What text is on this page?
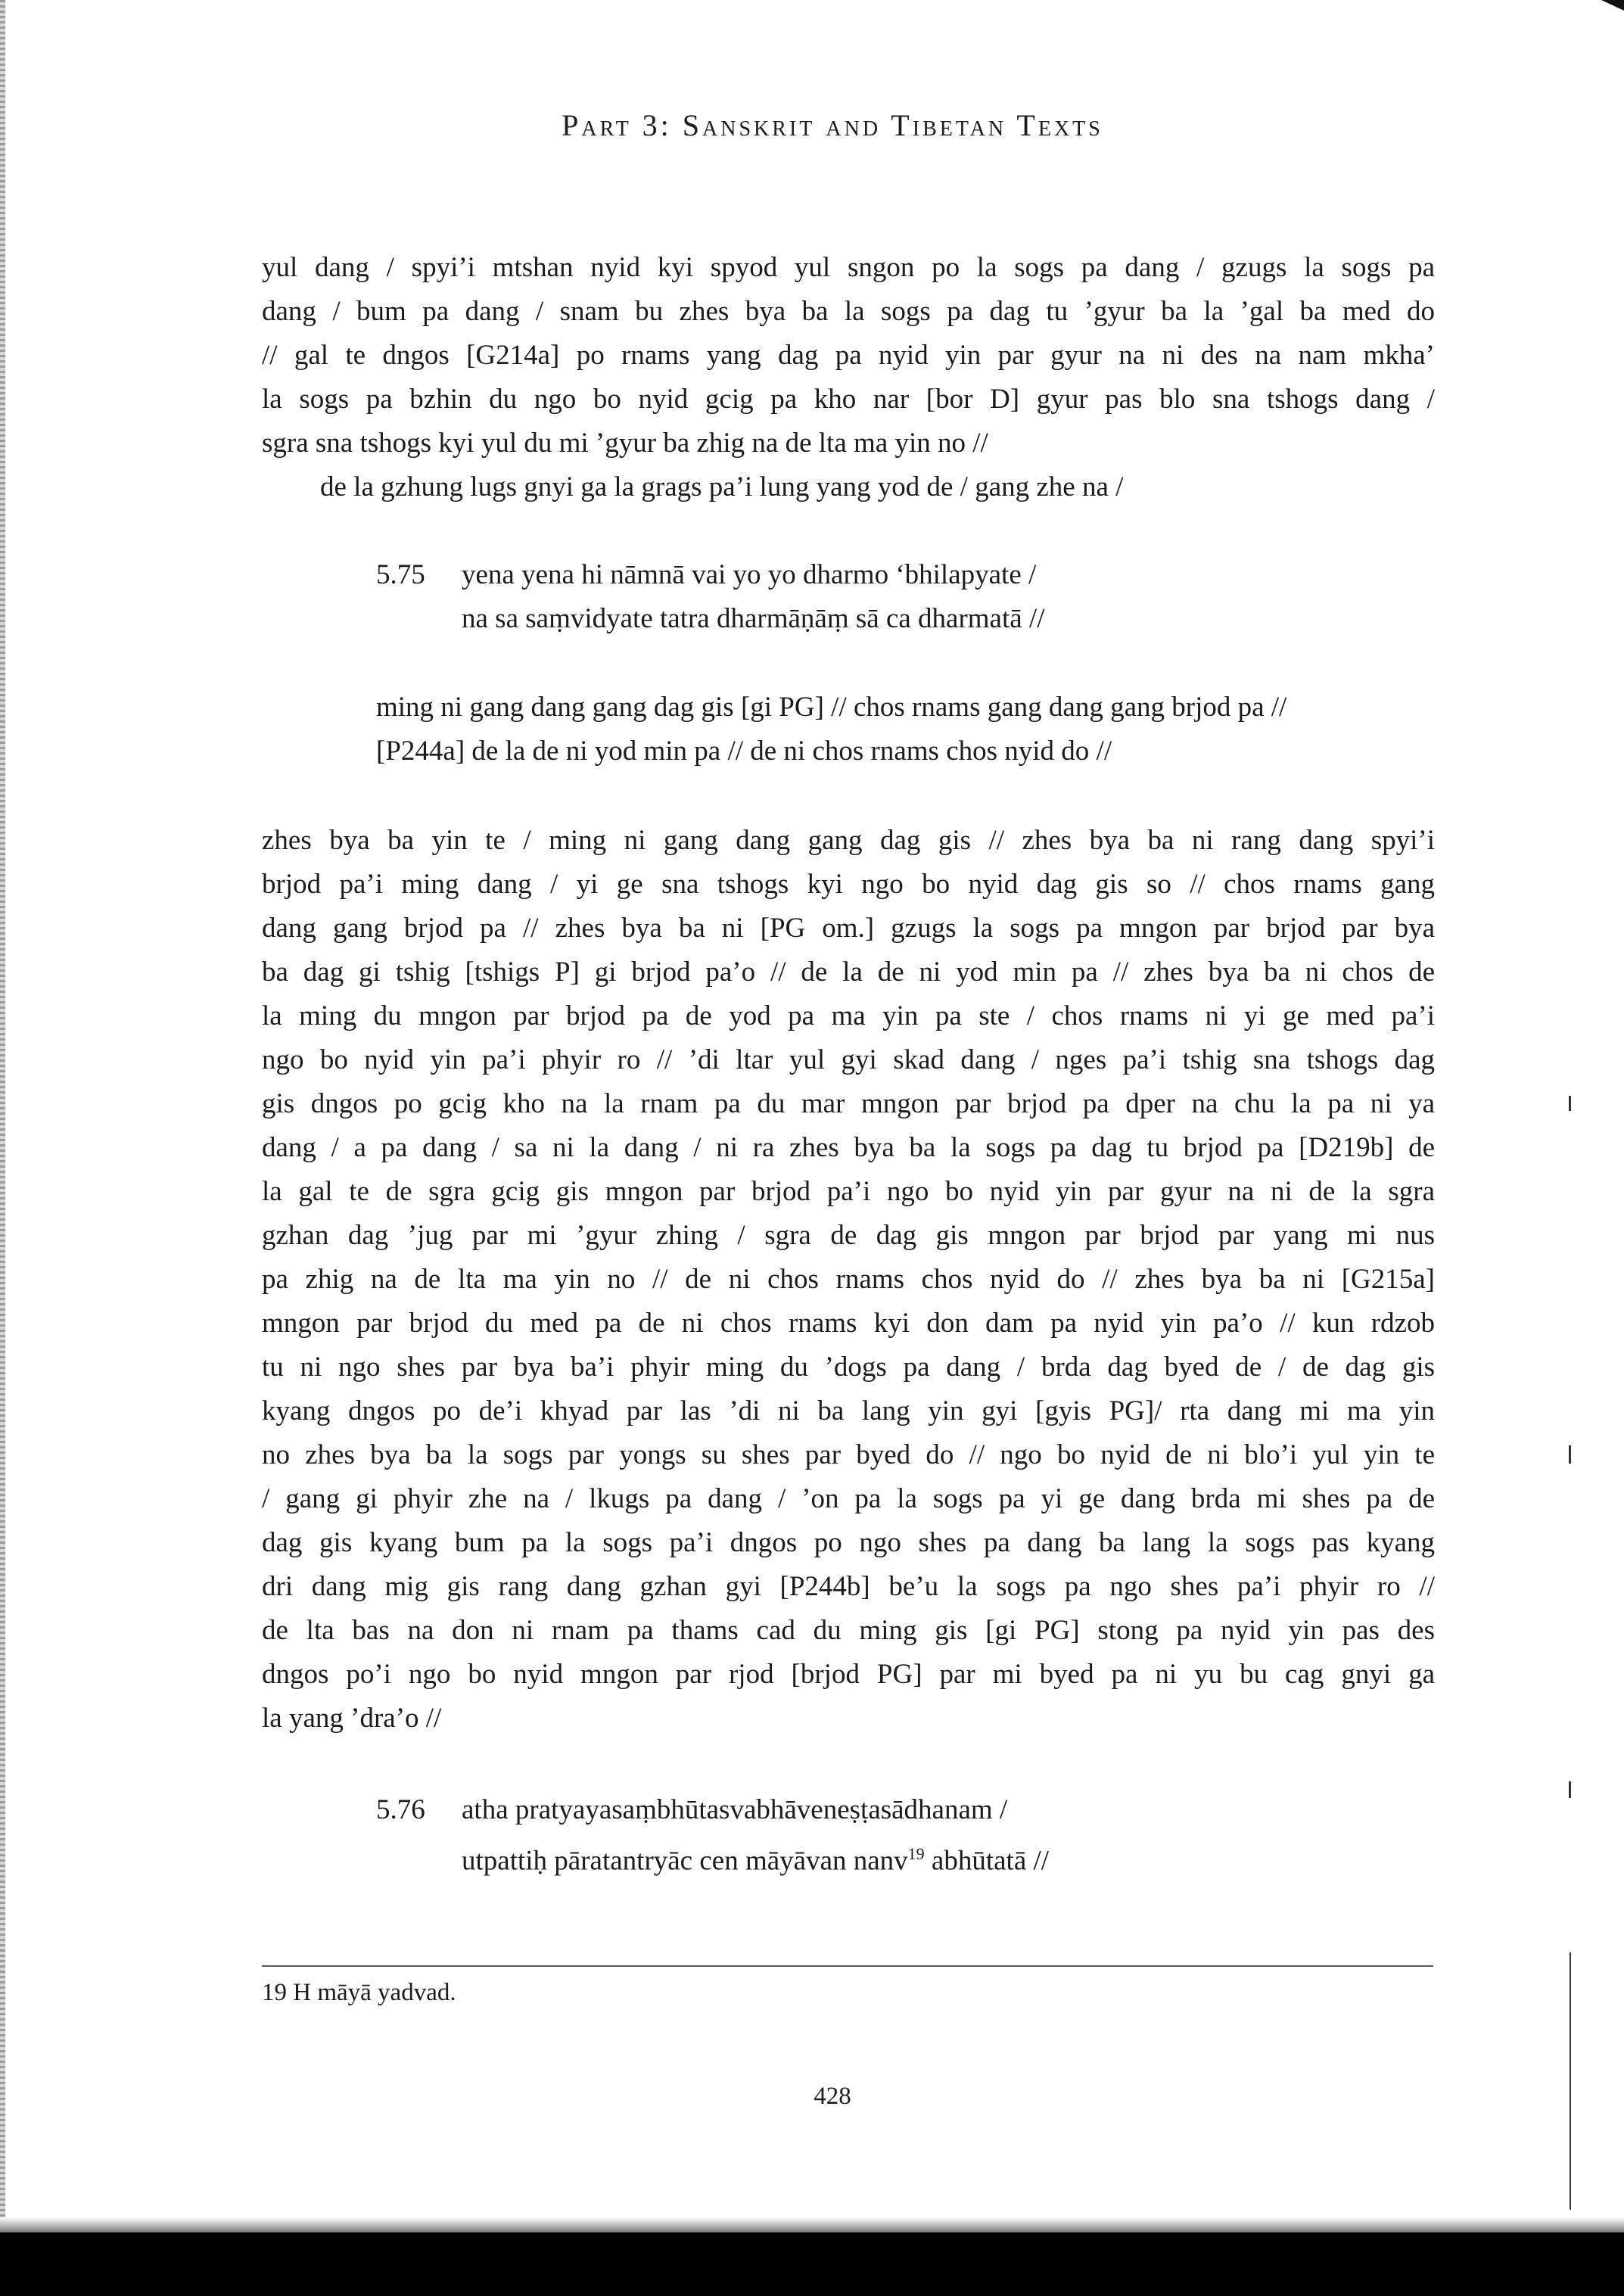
Part 3: Sanskrit and Tibetan Texts
yul dang / spyi’i mtshan nyid kyi spyod yul sngon po la sogs pa dang / gzugs la sogs pa
dang / bum pa dang / snam bu zhes bya ba la sogs pa dag tu ’gyur ba la ’gal ba med do
// gal te dngos [G214a] po rnams yang dag pa nyid yin par gyur na ni des na nam mkha’
la sogs pa bzhin du ngo bo nyid gcig pa kho nar [bor D] gyur pas blo sna tshogs dang /
sgra sna tshogs kyi yul du mi ’gyur ba zhig na de lta ma yin no //

de la gzhung lugs gnyi ga la grags pa’i lung yang yod de / gang zhe na /

5.75	yena yena hi nāmnā vai yo yo dharmo ‘bhilapyate /
na sa saṃvidyate tatra dharmāṇāṃ sā ca dharmatā //
ming ni gang dang gang dag gis [gi PG] // chos rnams gang dang gang brjod pa //
[P244a] de la de ni yod min pa // de ni chos rnams chos nyid do //
zhes bya ba yin te / ming ni gang dang gang dag gis // zhes bya ba ni rang dang spyi’i
brjod pa’i ming dang / yi ge sna tshogs kyi ngo bo nyid dag gis so // chos rnams gang
dang gang brjod pa // zhes bya ba ni [PG om.] gzugs la sogs pa mngon par brjod par bya
ba dag gi tshig [tshigs P] gi brjod pa’o // de la de ni yod min pa // zhes bya ba ni chos de
la ming du mngon par brjod pa de yod pa ma yin pa ste / chos rnams ni yi ge med pa’i
ngo bo nyid yin pa’i phyir ro // ’di ltar yul gyi skad dang / nges pa’i tshig sna tshogs dag
gis dngos po gcig kho na la rnam pa du mar mngon par brjod pa dper na chu la pa ni ya
dang / a pa dang / sa ni la dang / ni ra zhes bya ba la sogs pa dag tu brjod pa [D219b] de
la gal te de sgra gcig gis mngon par brjod pa’i ngo bo nyid yin par gyur na ni de la sgra
gzhan dag ’jug par mi ’gyur zhing / sgra de dag gis mngon par brjod par yang mi nus
pa zhig na de lta ma yin no // de ni chos rnams chos nyid do // zhes bya ba ni [G215a]
mngon par brjod du med pa de ni chos rnams kyi don dam pa nyid yin pa’o // kun rdzob
tu ni ngo shes par bya ba’i phyir ming du ’dogs pa dang / brda dag byed de / de dag gis
kyang dngos po de’i khyad par las ’di ni ba lang yin gyi [gyis PG]/ rta dang mi ma yin
no zhes bya ba la sogs par yongs su shes par byed do // ngo bo nyid de ni blo’i yul yin te
/ gang gi phyir zhe na / lkugs pa dang / ’on pa la sogs pa yi ge dang brda mi shes pa de
dag gis kyang bum pa la sogs pa’i dngos po ngo shes pa dang ba lang la sogs pas kyang
dri dang mig gis rang dang gzhan gyi [P244b] be’u la sogs pa ngo shes pa’i phyir ro //
de lta bas na don ni rnam pa thams cad du ming gis [gi PG] stong pa nyid yin pas des
dngos po’i ngo bo nyid mngon par rjod [brjod PG] par mi byed pa ni yu bu cag gnyi ga
la yang ’dra’o //
5.76	atha pratyayasaṃbhūtasvabhāveneṣṭasādhanam /
utpattiḥ pāratantryāc cen māyāvan nanv$^{19}$ abhūtatā //
19 H māyā yadvad.
428
